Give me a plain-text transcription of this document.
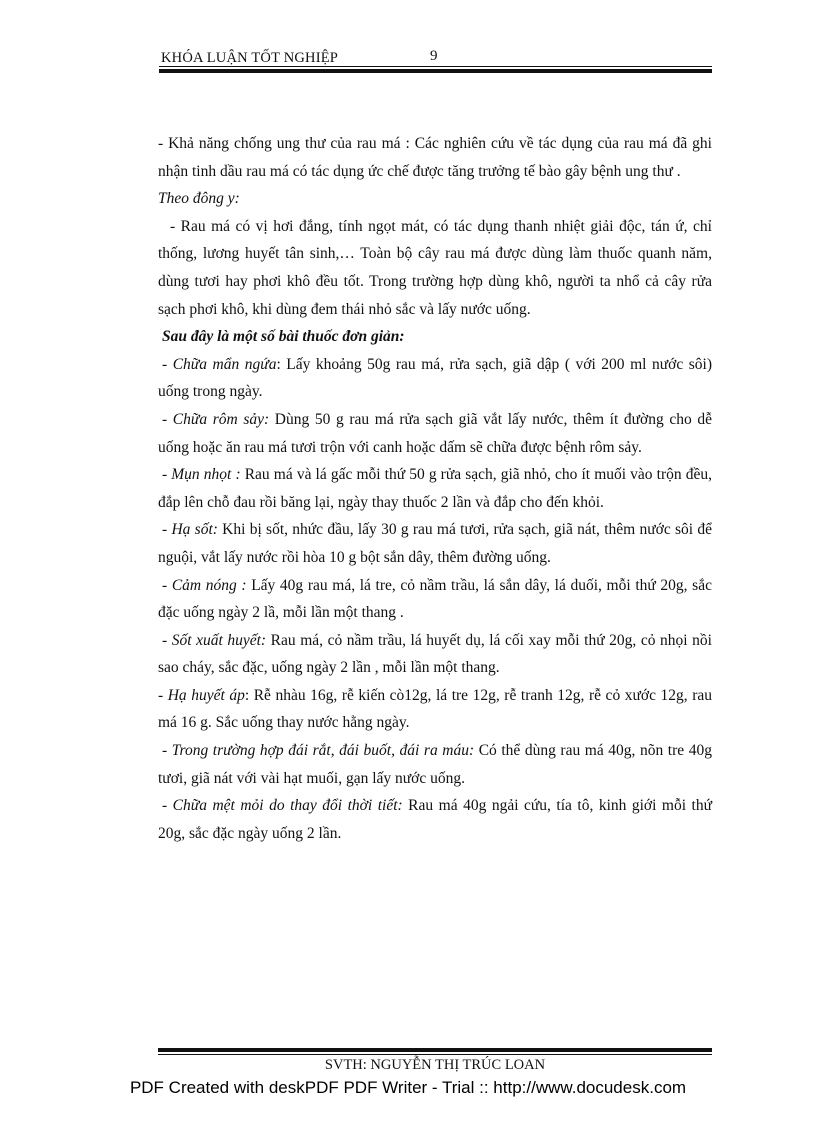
KHÓA LUẬN TỐT NGHIỆP	9

- Khả năng chống ung thư của rau má : Các nghiên cứu về tác dụng của rau má đã ghi nhận tinh dầu rau má có tác dụng ức chế được tăng trưởng tế bào gây bệnh ung thư .

Theo đông y:

- Rau má có vị hơi đắng, tính ngọt mát, có tác dụng thanh nhiệt giải độc, tán ứ, chỉ thống, lương huyết tân sinh,… Toàn bộ cây rau má được dùng làm thuốc quanh năm, dùng tươi hay phơi khô đều tốt. Trong trường hợp dùng khô, người ta nhổ cả cây rửa sạch phơi khô, khi dùng đem thái nhỏ sắc và lấy nước uống.

Sau đây là một số bài thuốc đơn giản:

- Chữa mẩn ngứa: Lấy khoảng 50g rau má, rửa sạch, giã dập ( với 200 ml nước sôi) uống trong ngày.

- Chữa rôm sảy: Dùng 50 g rau má rửa sạch giã vắt lấy nước, thêm ít đường cho dễ uống hoặc ăn rau má tươi trộn với canh hoặc dấm sẽ chữa được bệnh rôm sảy.

- Mụn nhọt : Rau má và lá gấc mỗi thứ 50 g rửa sạch, giã nhỏ, cho ít muối vào trộn đều, đắp lên chỗ đau rồi băng lại, ngày thay thuốc 2 lần và đắp cho đến khỏi.

- Hạ sốt: Khi bị sốt, nhức đầu, lấy 30 g rau má tươi, rửa sạch, giã nát, thêm nước sôi để nguội, vắt lấy nước rồi hòa 10 g bột sắn dây, thêm đường uống.

- Cảm nóng : Lấy 40g rau má, lá tre, cỏ nầm trầu, lá sắn dây, lá duối, mỗi thứ 20g, sắc đặc uống ngày 2 lầ, mỗi lần một thang .

- Sốt xuất huyết: Rau má, cỏ nầm trầu, lá huyết dụ, lá cối xay mỗi thứ 20g, cỏ nhọi nồi sao cháy, sắc đặc, uống ngày 2 lần , mỗi lần một thang.

- Hạ huyết áp: Rễ nhàu 16g, rễ kiến cò12g, lá tre 12g, rễ tranh 12g, rễ cỏ xước 12g, rau má 16 g. Sắc uống thay nước hằng ngày.

- Trong trường hợp đái rắt, đái buốt, đái ra máu: Có thể dùng rau má 40g, nõn tre 40g tươi, giã nát với vài hạt muối, gạn lấy nước uống.

- Chữa mệt mỏi do thay đổi thời tiết: Rau má 40g ngải cứu, tía tô, kinh giới mỗi thứ 20g, sắc đặc ngày uống 2 lần.

SVTH: NGUYỄN THỊ TRÚC LOAN
PDF Created with deskPDF PDF Writer - Trial :: http://www.docudesk.com
